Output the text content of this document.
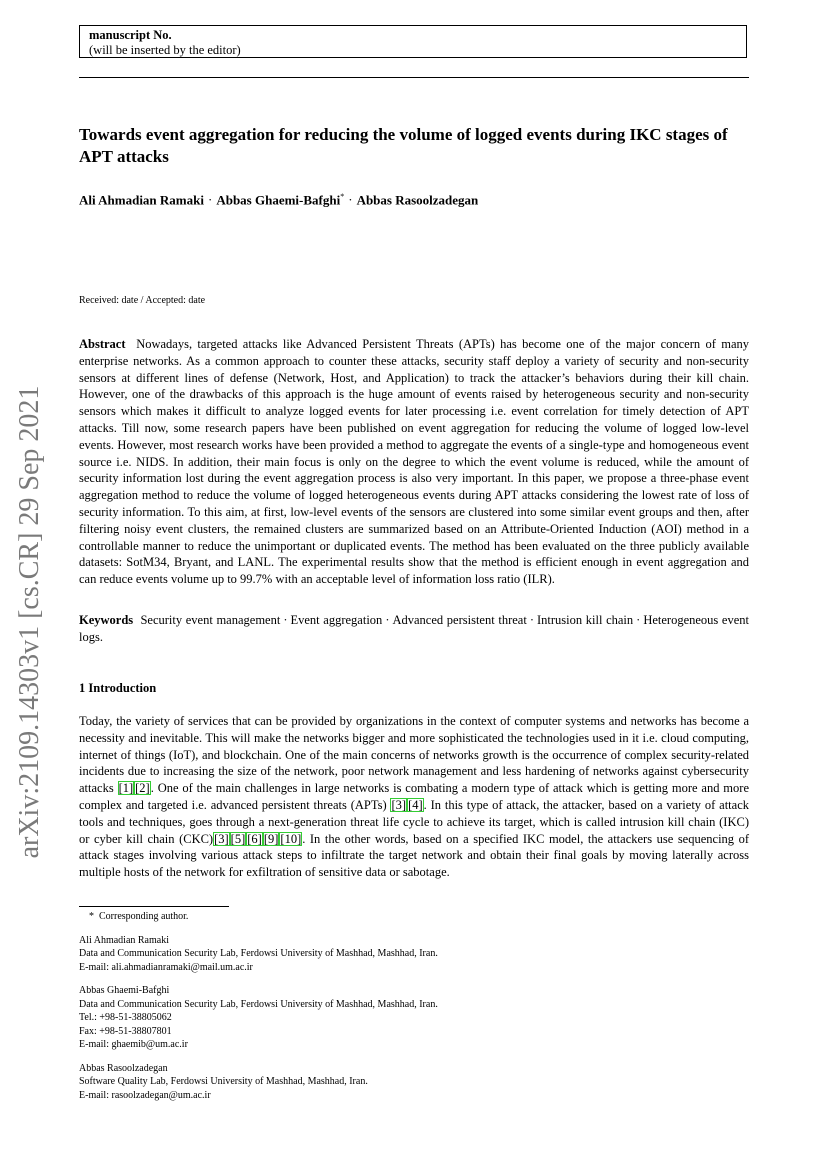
manuscript No.
(will be inserted by the editor)
Towards event aggregation for reducing the volume of logged events during IKC stages of APT attacks
Ali Ahmadian Ramaki · Abbas Ghaemi-Bafghi* · Abbas Rasoolzadegan
Received: date / Accepted: date
Abstract Nowadays, targeted attacks like Advanced Persistent Threats (APTs) has become one of the major concern of many enterprise networks. As a common approach to counter these attacks, security staff deploy a variety of security and non-security sensors at different lines of defense (Network, Host, and Application) to track the attacker’s behaviors during their kill chain. However, one of the drawbacks of this approach is the huge amount of events raised by heterogeneous security and non-security sensors which makes it difficult to analyze logged events for later processing i.e. event correlation for timely detection of APT attacks. Till now, some research papers have been published on event aggregation for reducing the volume of logged low-level events. However, most research works have been provided a method to aggregate the events of a single-type and homogeneous event source i.e. NIDS. In addition, their main focus is only on the degree to which the event volume is reduced, while the amount of security information lost during the event aggregation process is also very important. In this paper, we propose a three-phase event aggregation method to reduce the volume of logged heterogeneous events during APT attacks considering the lowest rate of loss of security information. To this aim, at first, low-level events of the sensors are clustered into some similar event groups and then, after filtering noisy event clusters, the remained clusters are summarized based on an Attribute-Oriented Induction (AOI) method in a controllable manner to reduce the unimportant or duplicated events. The method has been evaluated on the three publicly available datasets: SotM34, Bryant, and LANL. The experimental results show that the method is efficient enough in event aggregation and can reduce events volume up to 99.7% with an acceptable level of information loss ratio (ILR).
Keywords Security event management · Event aggregation · Advanced persistent threat · Intrusion kill chain · Heterogeneous event logs.
1 Introduction
Today, the variety of services that can be provided by organizations in the context of computer systems and networks has become a necessity and inevitable. This will make the networks bigger and more sophisticated the technologies used in it i.e. cloud computing, internet of things (IoT), and blockchain. One of the main concerns of networks growth is the occurrence of complex security-related incidents due to increasing the size of the network, poor network management and less hardening of networks against cybersecurity attacks [1] [2]. One of the main challenges in large networks is combating a modern type of attack which is getting more and more complex and targeted i.e. advanced persistent threats (APTs) [3] [4]. In this type of attack, the attacker, based on a variety of attack tools and techniques, goes through a next-generation threat life cycle to achieve its target, which is called intrusion kill chain (IKC) or cyber kill chain (CKC)[3] [5] [6] [9] [10]. In the other words, based on a specified IKC model, the attackers use sequencing of attack stages involving various attack steps to infiltrate the target network and obtain their final goals by moving laterally across multiple hosts of the network for exfiltration of sensitive data or sabotage.
* Corresponding author.
Ali Ahmadian Ramaki
Data and Communication Security Lab, Ferdowsi University of Mashhad, Mashhad, Iran.
E-mail: ali.ahmadianramaki@mail.um.ac.ir
Abbas Ghaemi-Bafghi
Data and Communication Security Lab, Ferdowsi University of Mashhad, Mashhad, Iran.
Tel.: +98-51-38805062
Fax: +98-51-38807801
E-mail: ghaemib@um.ac.ir
Abbas Rasoolzadegan
Software Quality Lab, Ferdowsi University of Mashhad, Mashhad, Iran.
E-mail: rasoolzadegan@um.ac.ir
arXiv:2109.14303v1 [cs.CR] 29 Sep 2021
